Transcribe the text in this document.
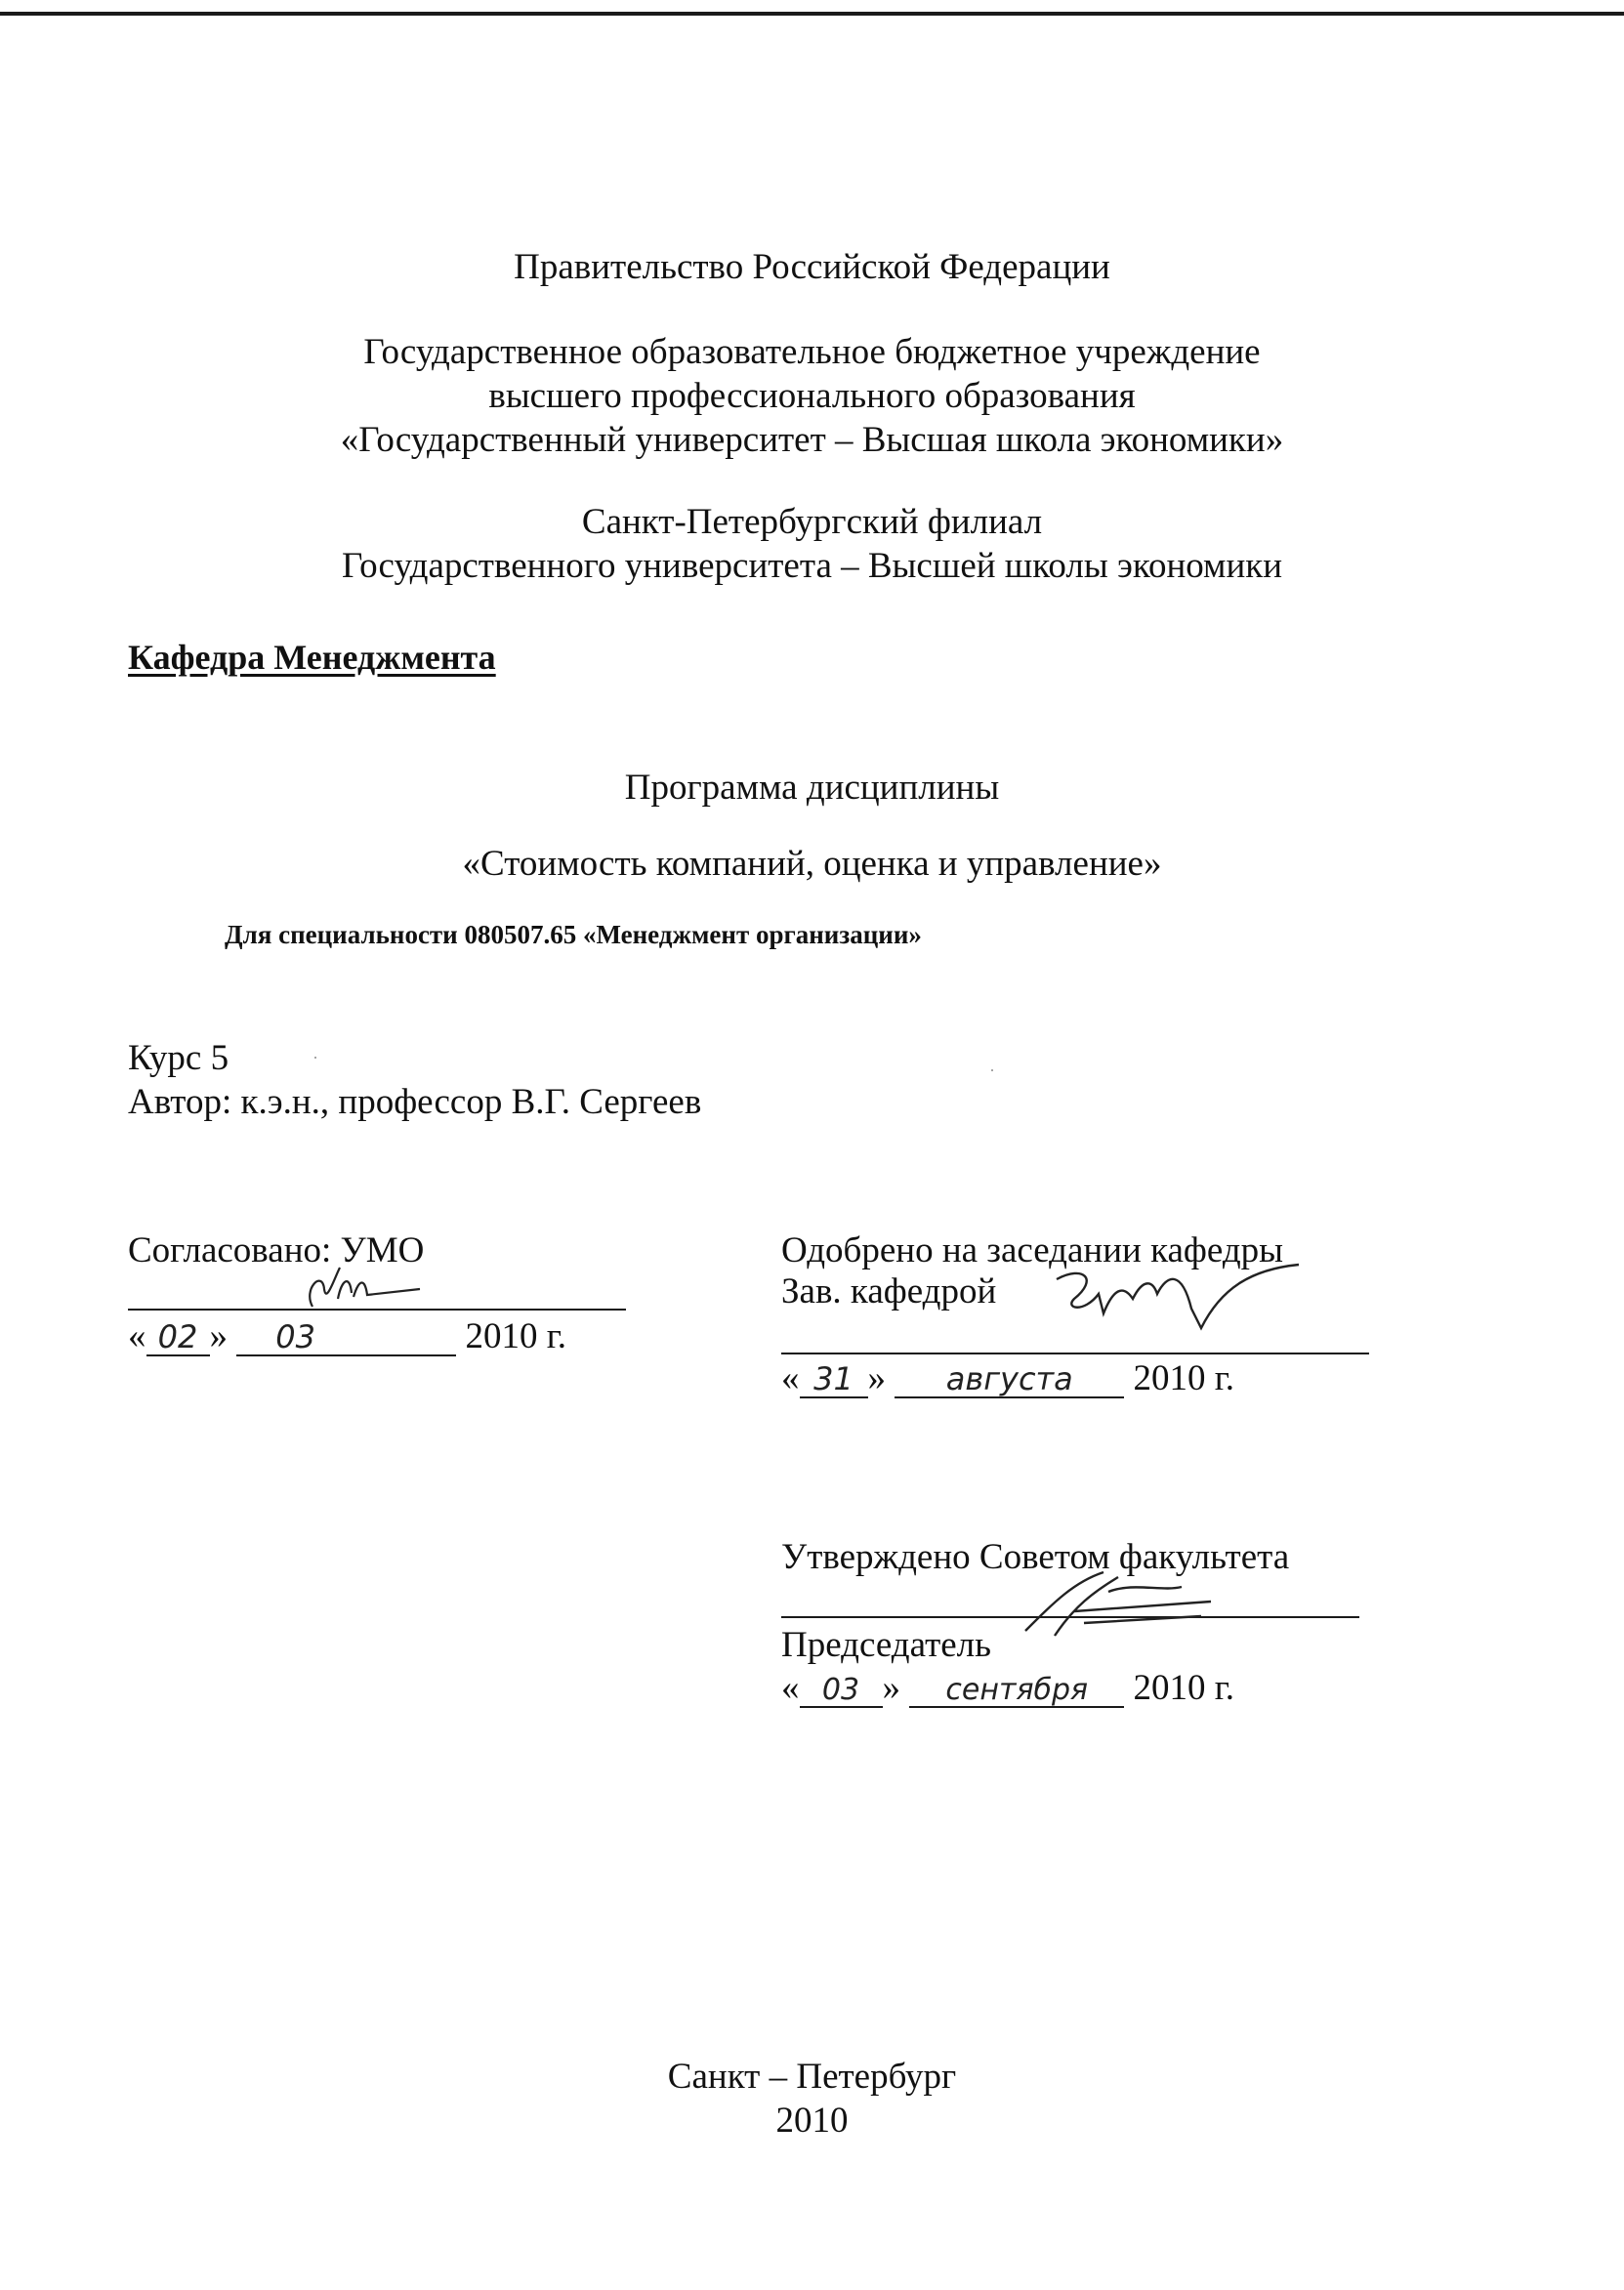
Правительство Российской Федерации
Государственное образовательное бюджетное учреждение
высшего профессионального образования
«Государственный университет – Высшая школа экономики»
Санкт-Петербургский филиал
Государственного университета – Высшей школы экономики
Кафедра Менеджмента
Программа дисциплины
«Стоимость компаний, оценка и управление»
Для специальности 080507.65 «Менеджмент организации»
Курс 5
Автор: к.э.н., профессор В.Г. Сергеев
Согласовано: УМО
« 02 » 03	2010 г.
Одобрено на заседании кафедры
Зав. кафедрой
« 31 » августа 2010 г.
Утверждено Советом факультета
Председатель
« 03 » сентября 2010 г.
Санкт – Петербург
2010
